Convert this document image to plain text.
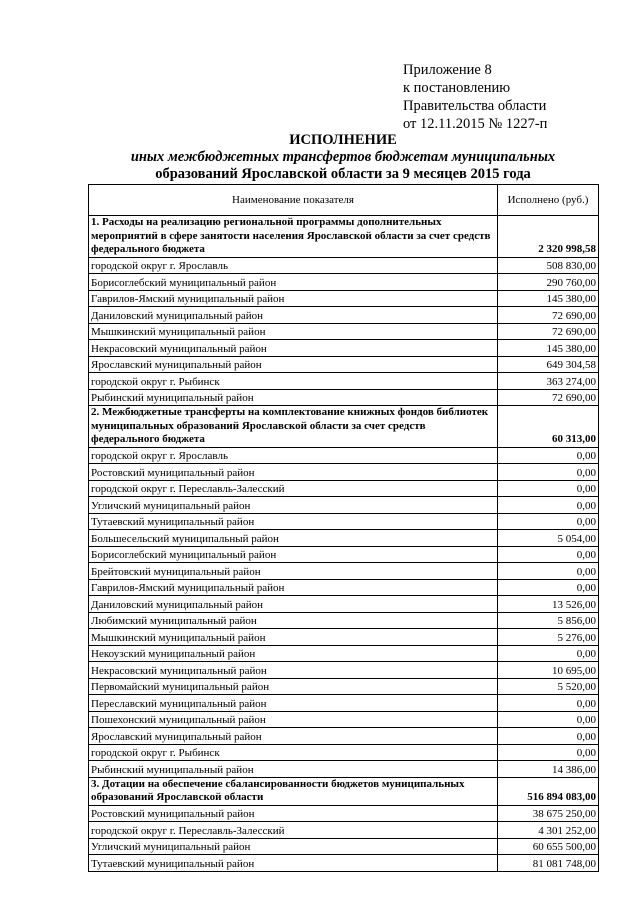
Приложение 8
к постановлению
Правительства области
от 12.11.2015 № 1227-п
ИСПОЛНЕНИЕ
иных межбюджетных трансфертов бюджетам муниципальных
образований Ярославской области за 9 месяцев 2015 года
Наименование показателя	Исполнено (руб.)
1. Расходы на реализацию региональной программы дополнительных мероприятий в сфере занятости населения Ярославской области за счет средств федерального бюджета	2 320 998,58
городской округ г. Ярославль	508 830,00
Борисоглебский муниципальный район	290 760,00
Гаврилов-Ямский муниципальный район	145 380,00
Даниловский муниципальный район	72 690,00
Мышкинский муниципальный район	72 690,00
Некрасовский муниципальный район	145 380,00
Ярославский муниципальный район	649 304,58
городской округ г. Рыбинск	363 274,00
Рыбинский муниципальный район	72 690,00
2. Межбюджетные трансферты на комплектование книжных фондов библиотек муниципальных образований Ярославской области за счет средств федерального бюджета	60 313,00
городской округ г. Ярославль	0,00
Ростовский муниципальный район	0,00
городской округ г. Переславль-Залесский	0,00
Угличский муниципальный район	0,00
Тутаевский муниципальный район	0,00
Большесельский муниципальный район	5 054,00
Борисоглебский муниципальный район	0,00
Брейтовский муниципальный район	0,00
Гаврилов-Ямский муниципальный район	0,00
Даниловский муниципальный район	13 526,00
Любимский муниципальный район	5 856,00
Мышкинский муниципальный район	5 276,00
Некоузский муниципальный район	0,00
Некрасовский муниципальный район	10 695,00
Первомайский муниципальный район	5 520,00
Переславский муниципальный район	0,00
Пошехонский муниципальный район	0,00
Ярославский муниципальный район	0,00
городской округ г. Рыбинск	0,00
Рыбинский муниципальный район	14 386,00
3. Дотации на обеспечение сбалансированности бюджетов муниципальных образований Ярославской области	516 894 083,00
Ростовский муниципальный район	38 675 250,00
городской округ г. Переславль-Залесский	4 301 252,00
Угличский муниципальный район	60 655 500,00
Тутаевский муниципальный район	81 081 748,00
